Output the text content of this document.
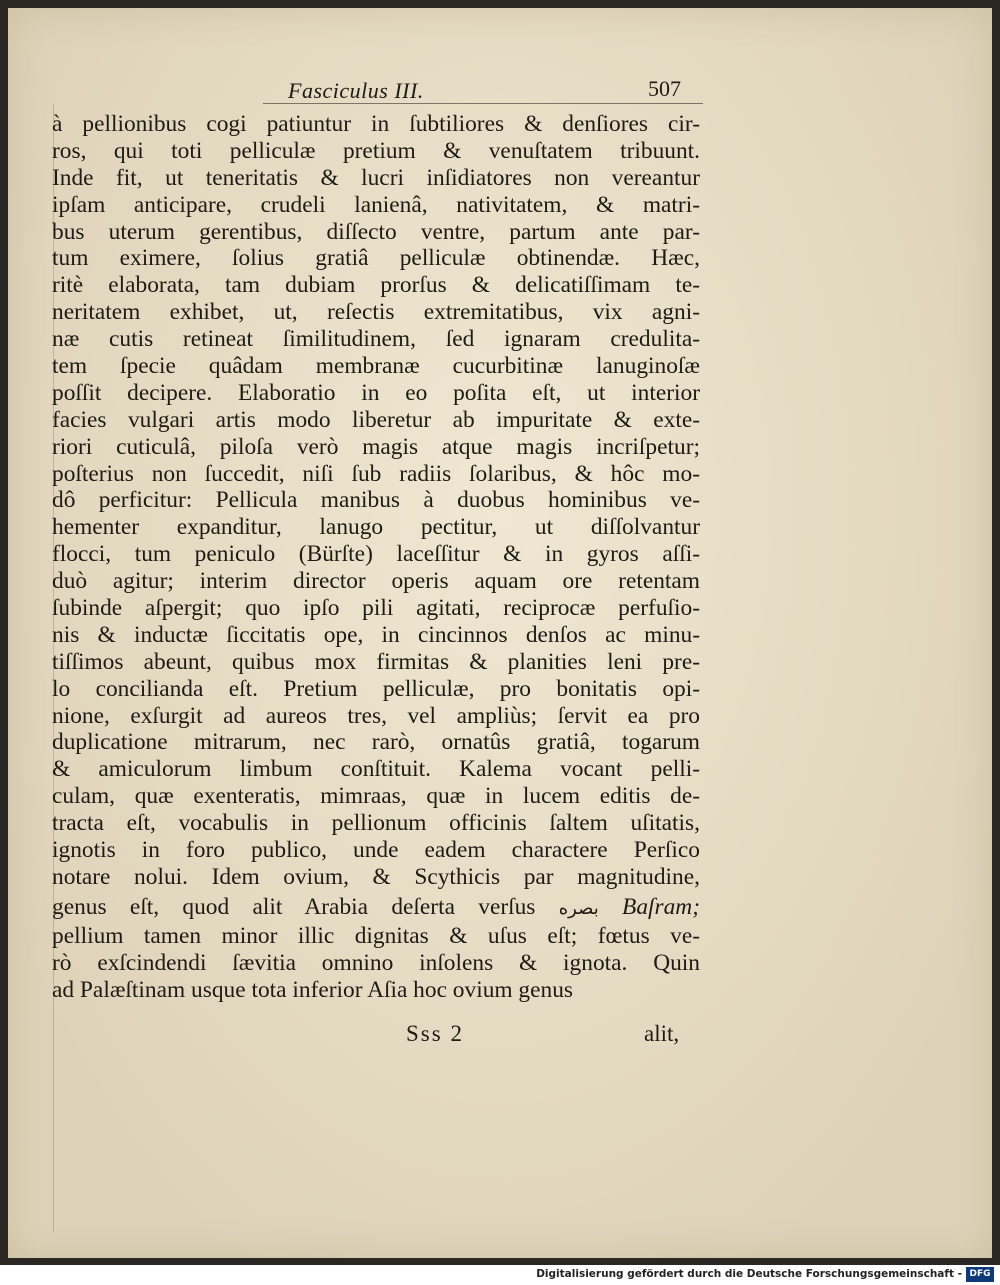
Fasciculus III.	507
à pellionibus cogi patiuntur in ſubtiliores & denſiores cir-
ros, qui toti pelliculæ pretium & venuſtatem tribuunt.
Inde fit, ut teneritatis & lucri inſidiatores non vereantur
ipſam anticipare, crudeli lanienâ, nativitatem, & matri-
bus uterum gerentibus, diſſecto ventre, partum ante par-
tum eximere, ſolius gratiâ pelliculæ obtinendæ. Hæc,
ritè elaborata, tam dubiam prorſus & delicatiſſimam te-
neritatem exhibet, ut, reſectis extremitatibus, vix agni-
næ cutis retineat ſimilitudinem, ſed ignaram credulita-
tem ſpecie quâdam membranæ cucurbitinæ lanuginoſæ
poſſit decipere. Elaboratio in eo poſita eſt, ut interior
facies vulgari artis modo liberetur ab impuritate & exte-
riori cuticulâ, piloſa verò magis atque magis incriſpetur;
poſterius non ſuccedit, niſi ſub radiis ſolaribus, & hôc mo-
dô perficitur: Pellicula manibus à duobus hominibus ve-
hementer expanditur, lanugo pectitur, ut diſſolvantur
flocci, tum peniculo (Bürſte) laceſſitur & in gyros aſſi-
duò agitur; interim director operis aquam ore retentam
ſubinde aſpergit; quo ipſo pili agitati, reciprocæ perfuſio-
nis & inductæ ſiccitatis ope, in cincinnos denſos ac minu-
tiſſimos abeunt, quibus mox firmitas & planities leni pre-
lo concilianda eſt. Pretium pelliculæ, pro bonitatis opi-
nione, exſurgit ad aureos tres, vel ampliùs; ſervit ea pro
duplicatione mitrarum, nec rarò, ornatûs gratiâ, togarum
& amiculorum limbum conſtituit. Kalema vocant pelli-
culam, quæ exenteratis, mimraas, quæ in lucem editis de-
tracta eſt, vocabulis in pellionum officinis ſaltem uſitatis,
ignotis in foro publico, unde eadem charactere Perſico
notare nolui. Idem ovium, & Scythicis par magnitudine,
genus eſt, quod alit Arabia deſerta verſus بصره Baſram;
pellium tamen minor illic dignitas & uſus eſt; fœtus ve-
rò exſcindendi ſævitia omnino inſolens & ignota. Quin
ad Palæſtinam usque tota inferior Aſia hoc ovium genus
Sss 2	alit,
Digitalisierung gefördert durch die Deutsche Forschungsgemeinschaft - DFG
